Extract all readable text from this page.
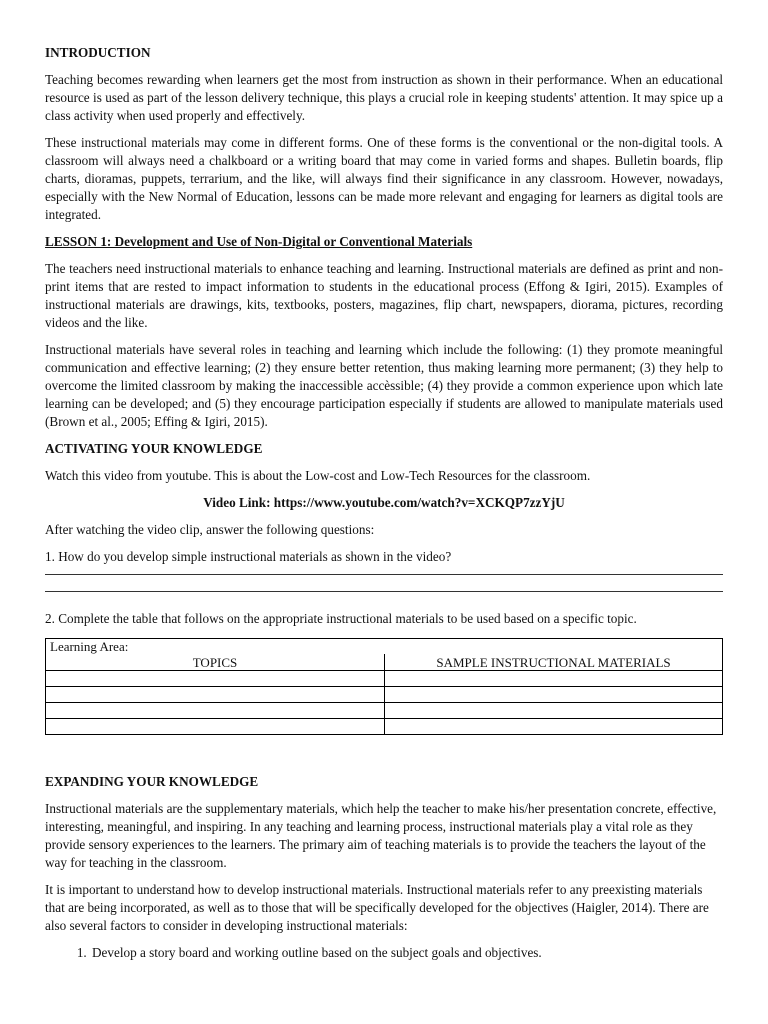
INTRODUCTION

Teaching becomes rewarding when learners get the most from instruction as shown in their performance. When an educational resource is used as part of the lesson delivery technique, this plays a crucial role in keeping students' attention. It may spice up a class activity when used properly and effectively.

These instructional materials may come in different forms. One of these forms is the conventional or the non-digital tools. A classroom will always need a chalkboard or a writing board that may come in varied forms and shapes. Bulletin boards, flip charts, dioramas, puppets, terrarium, and the like, will always find their significance in any classroom. However, nowadays, especially with the New Normal of Education, lessons can be made more relevant and engaging for learners as digital tools are integrated.

LESSON 1: Development and Use of Non-Digital or Conventional Materials

The teachers need instructional materials to enhance teaching and learning. Instructional materials are defined as print and non-print items that are rested to impact information to students in the educational process (Effong & Igiri, 2015). Examples of instructional materials are drawings, kits, textbooks, posters, magazines, flip chart, newspapers, diorama, pictures, recording videos and the like.

Instructional materials have several roles in teaching and learning which include the following: (1) they promote meaningful communication and effective learning; (2) they ensure better retention, thus making learning more permanent; (3) they help to overcome the limited classroom by making the inaccessible accèssible; (4) they provide a common experience upon which late learning can be developed; and (5) they encourage participation especially if students are allowed to manipulate materials used (Brown et al., 2005; Effing & Igiri, 2015).

ACTIVATING YOUR KNOWLEDGE

Watch this video from youtube. This is about the Low-cost and Low-Tech Resources for the classroom.

Video Link: https://www.youtube.com/watch?v=XCKQP7zzYjU

After watching the video clip, answer the following questions:

1. How do you develop simple instructional materials as shown in the video?

2. Complete the table that follows on the appropriate instructional materials to be used based on a specific topic.

Learning Area:	
TOPICS	SAMPLE INSTRUCTIONAL MATERIALS

EXPANDING YOUR KNOWLEDGE

Instructional materials are the supplementary materials, which help the teacher to make his/her presentation concrete, effective, interesting, meaningful, and inspiring. In any teaching and learning process, instructional materials play a vital role as they provide sensory experiences to the learners. The primary aim of teaching materials is to provide the teachers the layout of the way for teaching in the classroom.

It is important to understand how to develop instructional materials. Instructional materials refer to any preexisting materials that are being incorporated, as well as to those that will be specifically developed for the objectives (Haigler, 2014). There are also several factors to consider in developing instructional materials:

1. Develop a story board and working outline based on the subject goals and objectives.
